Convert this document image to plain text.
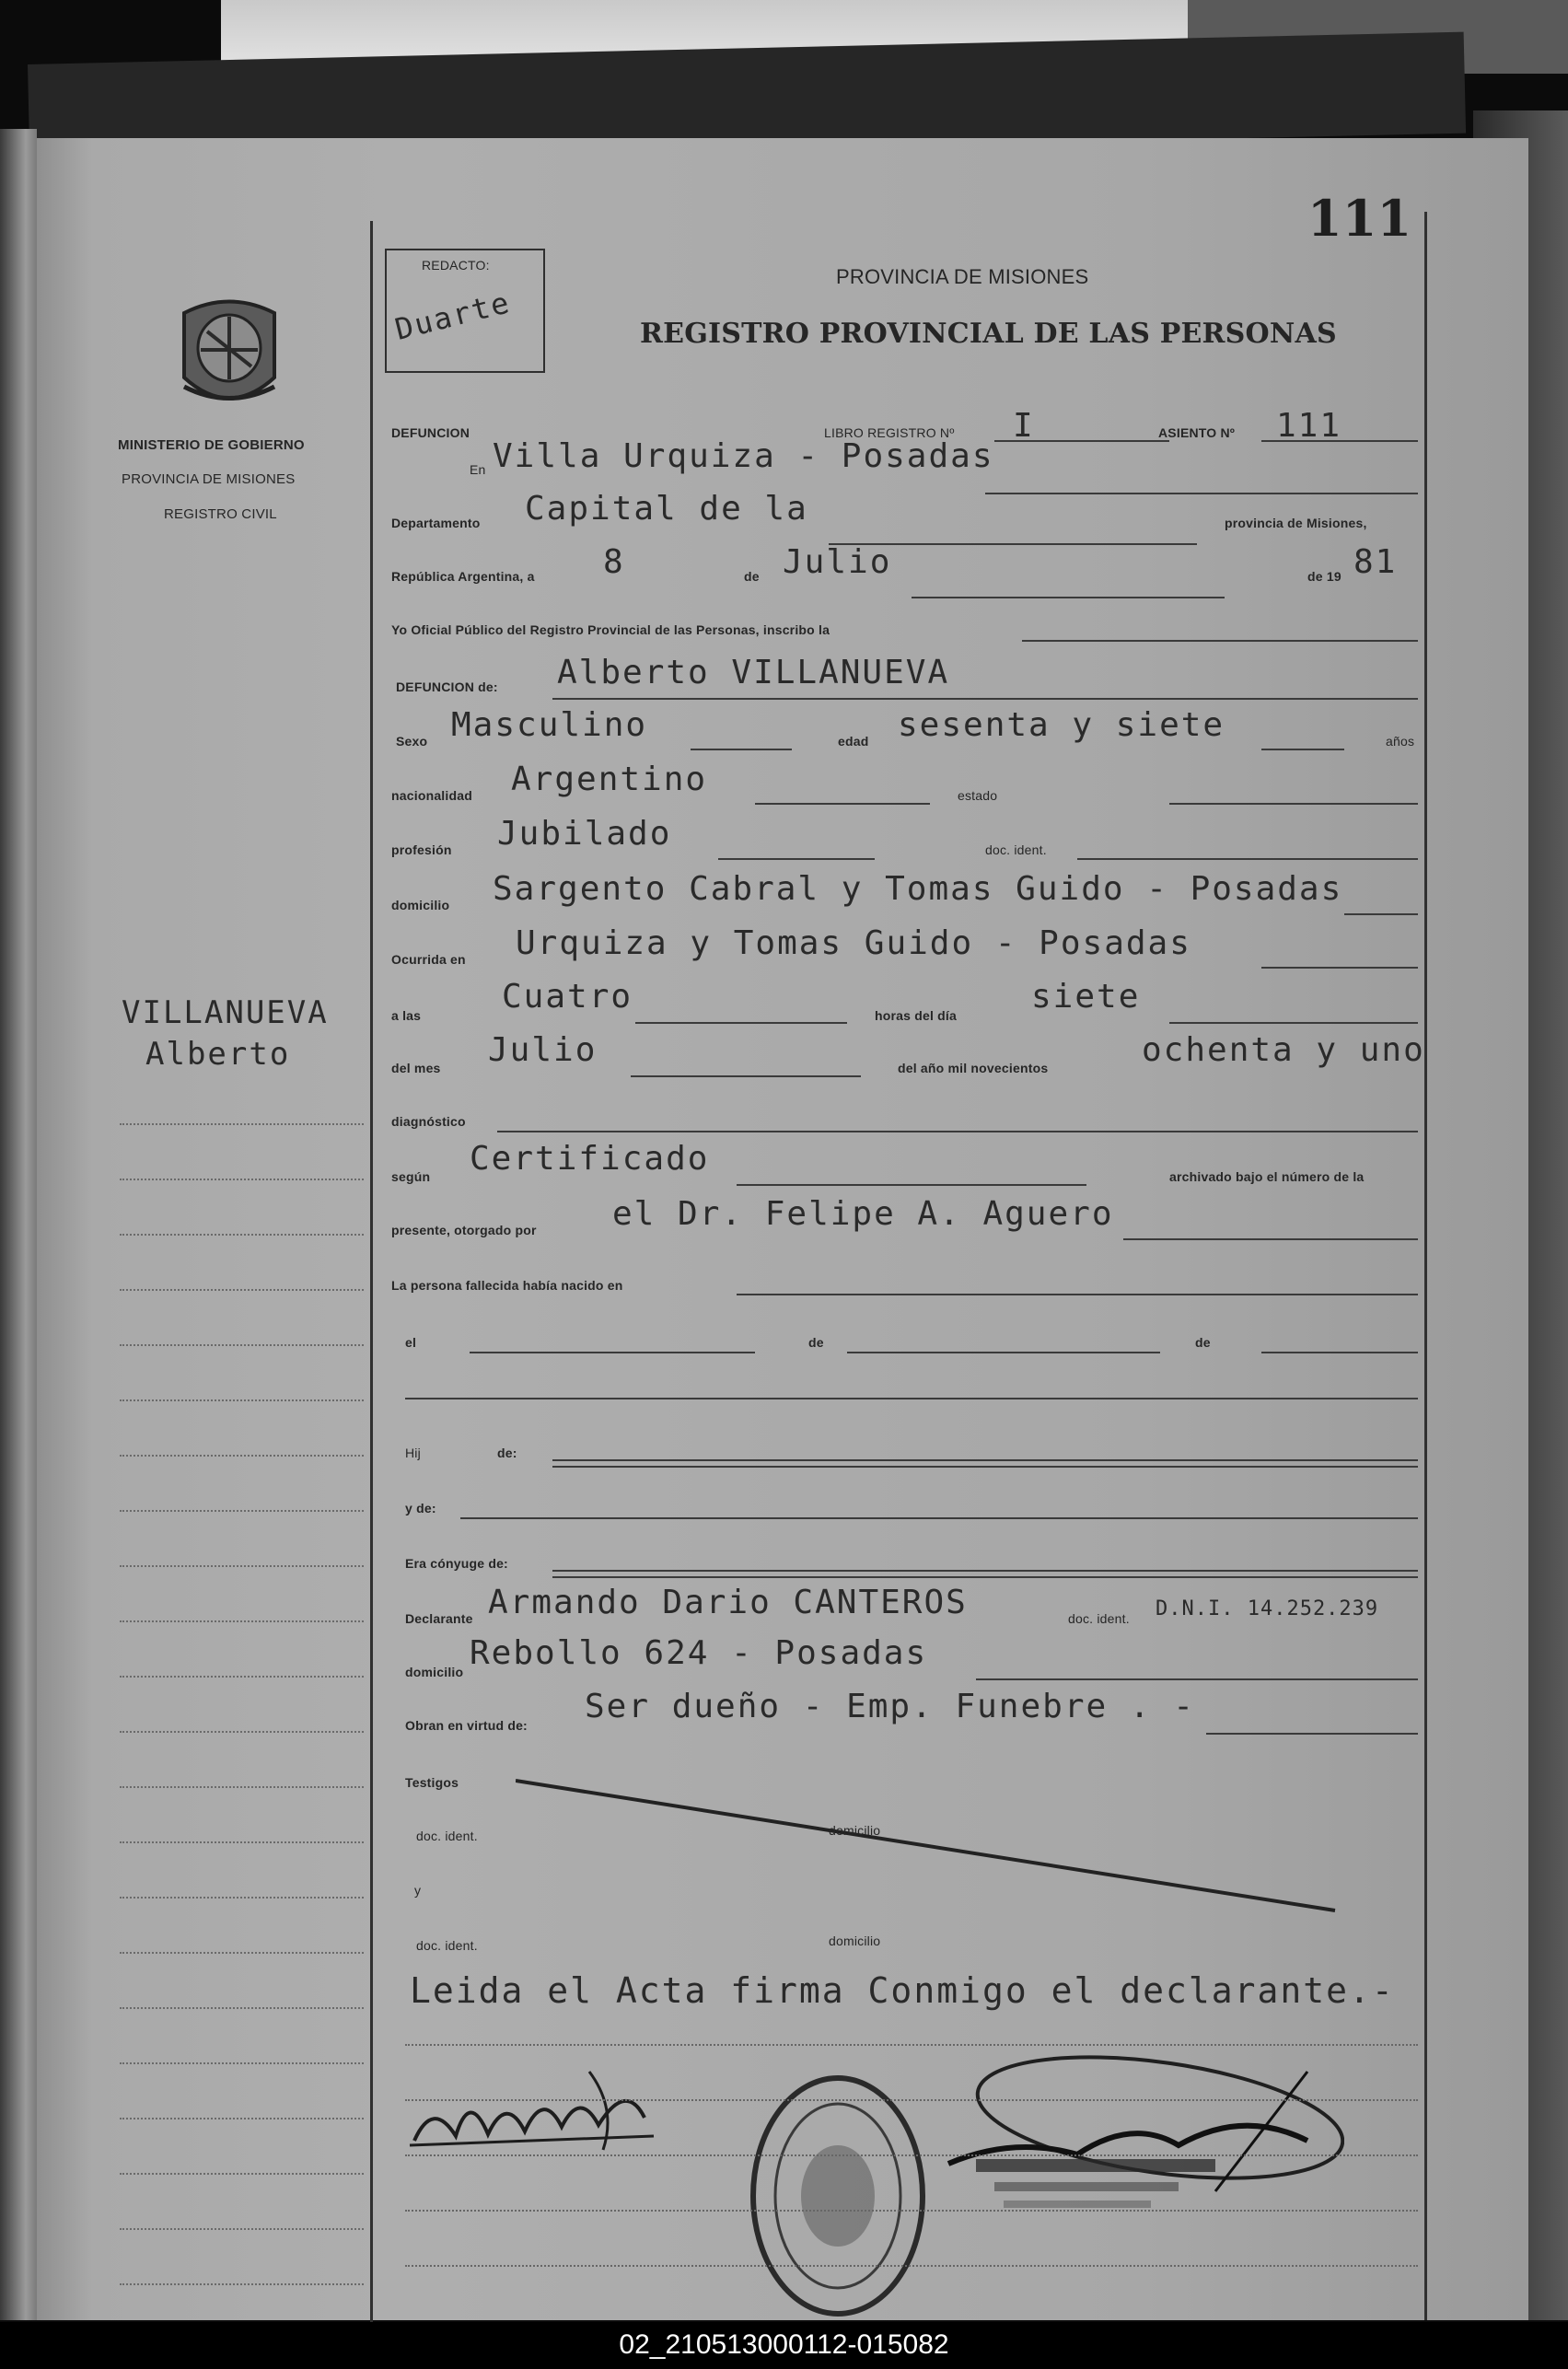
111
MINISTERIO DE GOBIERNO
PROVINCIA DE MISIONES
REGISTRO CIVIL
REDACTO:
Duarte
PROVINCIA DE MISIONES
REGISTRO PROVINCIAL DE LAS PERSONAS
DEFUNCION	LIBRO REGISTRO Nº I	ASIENTO Nº 111
En Villa Urquiza - Posadas
Departamento Capital de la	provincia de Misiones,
República Argentina, a 8	de Julio	de 19 81
Yo Oficial Público del Registro Provincial de las Personas, inscribo la
DEFUNCION de: Alberto VILLANUEVA
Sexo Masculino	edad sesenta y siete	años
nacionalidad Argentino	estado
profesión Jubilado	doc. ident.
domicilio Sargento Cabral y Tomas Guido - Posadas
Ocurrida en Urquiza y Tomas Guido - Posadas
a las Cuatro	horas del día siete
del mes Julio	del año mil novecientos	ochenta y uno
diagnóstico
según Certificado	archivado bajo el número de la
presente, otorgado por el Dr. Felipe A. Aguero
La persona fallecida había nacido en
el	de	de
Hij	de:
y de:
Era cónyuge de:
Declarante Armando Dario CANTEROS	doc. ident. D.N.I. 14.252.239
domicilio Rebollo 624 - Posadas
Obran en virtud de: Ser dueño - Emp. Funebre . -
Testigos
doc. ident.	domicilio
y
doc. ident.	domicilio
Leida el Acta firma Conmigo el declarante.-
VILLANUEVA
Alberto
02_210513000112-015082
